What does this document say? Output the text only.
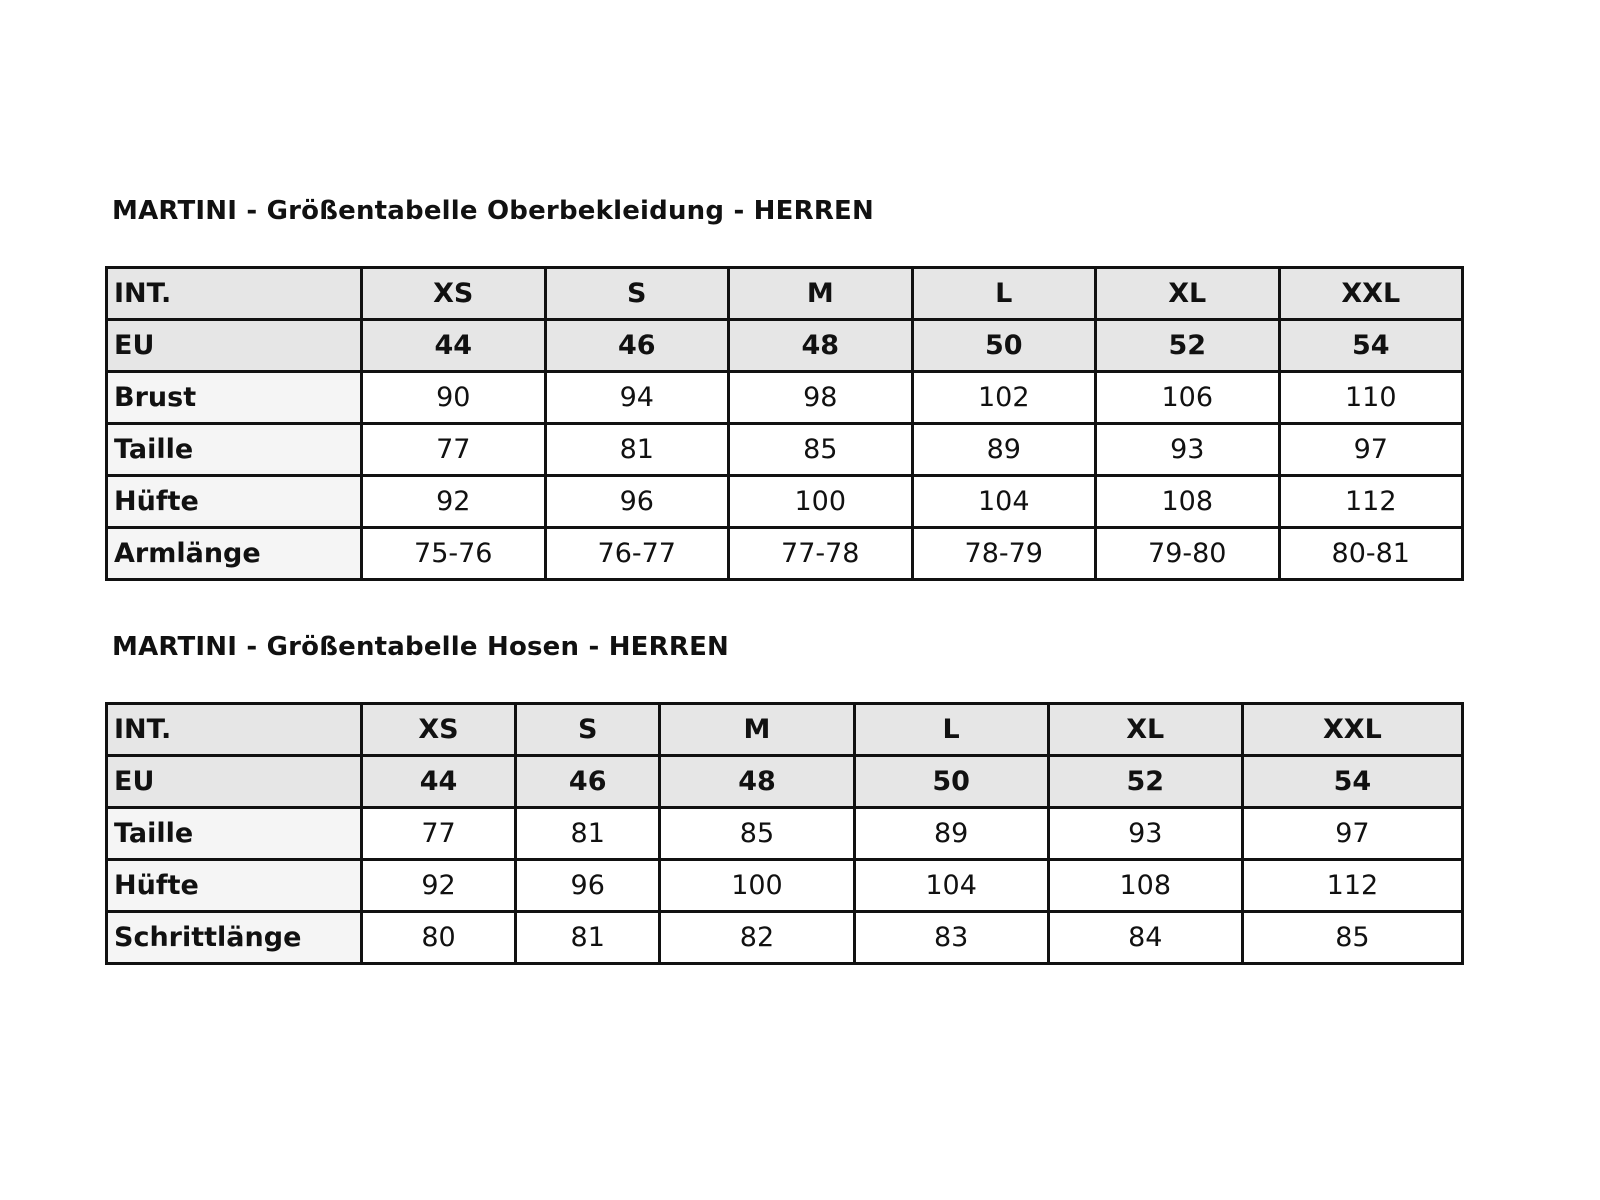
MARTINI - Größentabelle Oberbekleidung - HERREN
INT.	XS	S	M	L	XL	XXL
EU	44	46	48	50	52	54
Brust	90	94	98	102	106	110
Taille	77	81	85	89	93	97
Hüfte	92	96	100	104	108	112
Armlänge	75-76	76-77	77-78	78-79	79-80	80-81
MARTINI - Größentabelle Hosen - HERREN
INT.	XS	S	M	L	XL	XXL
EU	44	46	48	50	52	54
Taille	77	81	85	89	93	97
Hüfte	92	96	100	104	108	112
Schrittlänge	80	81	82	83	84	85
